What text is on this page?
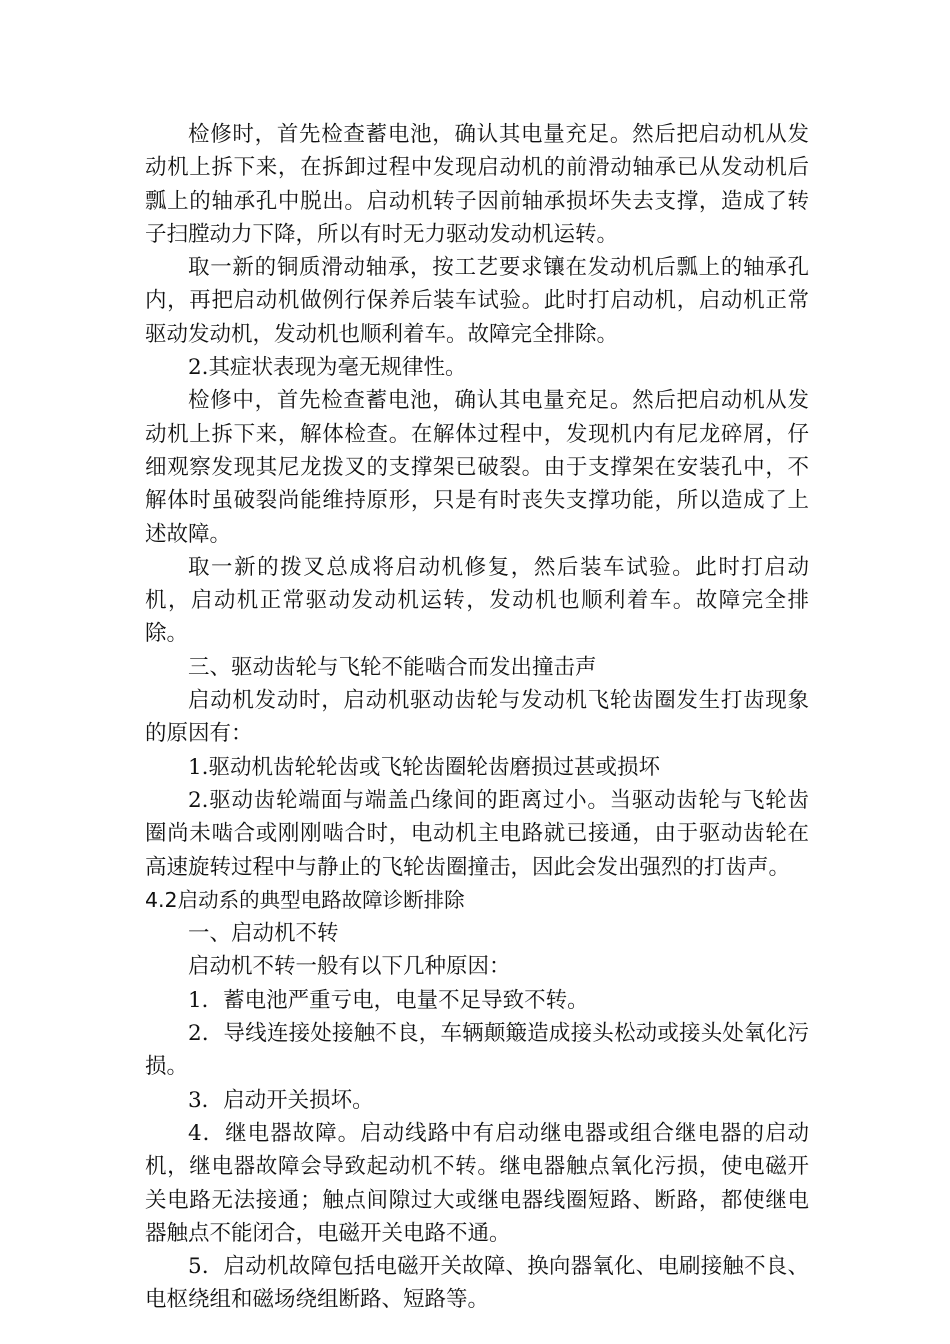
检修时，首先检查蓄电池，确认其电量充足。然后把启动机从发动机上拆下来，在拆卸过程中发现启动机的前滑动轴承已从发动机后瓢上的轴承孔中脱出。启动机转子因前轴承损坏失去支撑，造成了转子扫膛动力下降，所以有时无力驱动发动机运转。

取一新的铜质滑动轴承，按工艺要求镶在发动机后瓢上的轴承孔内，再把启动机做例行保养后装车试验。此时打启动机，启动机正常驱动发动机，发动机也顺利着车。故障完全排除。

2.其症状表现为毫无规律性。

检修中，首先检查蓄电池，确认其电量充足。然后把启动机从发动机上拆下来，解体检查。在解体过程中，发现机内有尼龙碎屑，仔细观察发现其尼龙拨叉的支撑架已破裂。由于支撑架在安装孔中，不解体时虽破裂尚能维持原形，只是有时丧失支撑功能，所以造成了上述故障。

取一新的拨叉总成将启动机修复，然后装车试验。此时打启动机，启动机正常驱动发动机运转，发动机也顺利着车。故障完全排除。

三、驱动齿轮与飞轮不能啮合而发出撞击声

启动机发动时，启动机驱动齿轮与发动机飞轮齿圈发生打齿现象的原因有：

1.驱动机齿轮轮齿或飞轮齿圈轮齿磨损过甚或损坏

2.驱动齿轮端面与端盖凸缘间的距离过小。当驱动齿轮与飞轮齿圈尚未啮合或刚刚啮合时，电动机主电路就已接通，由于驱动齿轮在高速旋转过程中与静止的飞轮齿圈撞击，因此会发出强烈的打齿声。

4.2启动系的典型电路故障诊断排除

一、启动机不转

启动机不转一般有以下几种原因：

1．蓄电池严重亏电，电量不足导致不转。

2．导线连接处接触不良，车辆颠簸造成接头松动或接头处氧化污损。

3．启动开关损坏。

4．继电器故障。启动线路中有启动继电器或组合继电器的启动机，继电器故障会导致起动机不转。继电器触点氧化污损，使电磁开关电路无法接通；触点间隙过大或继电器线圈短路、断路，都使继电器触点不能闭合，电磁开关电路不通。

5．启动机故障包括电磁开关故障、换向器氧化、电刷接触不良、电枢绕组和磁场绕组断路、短路等。
